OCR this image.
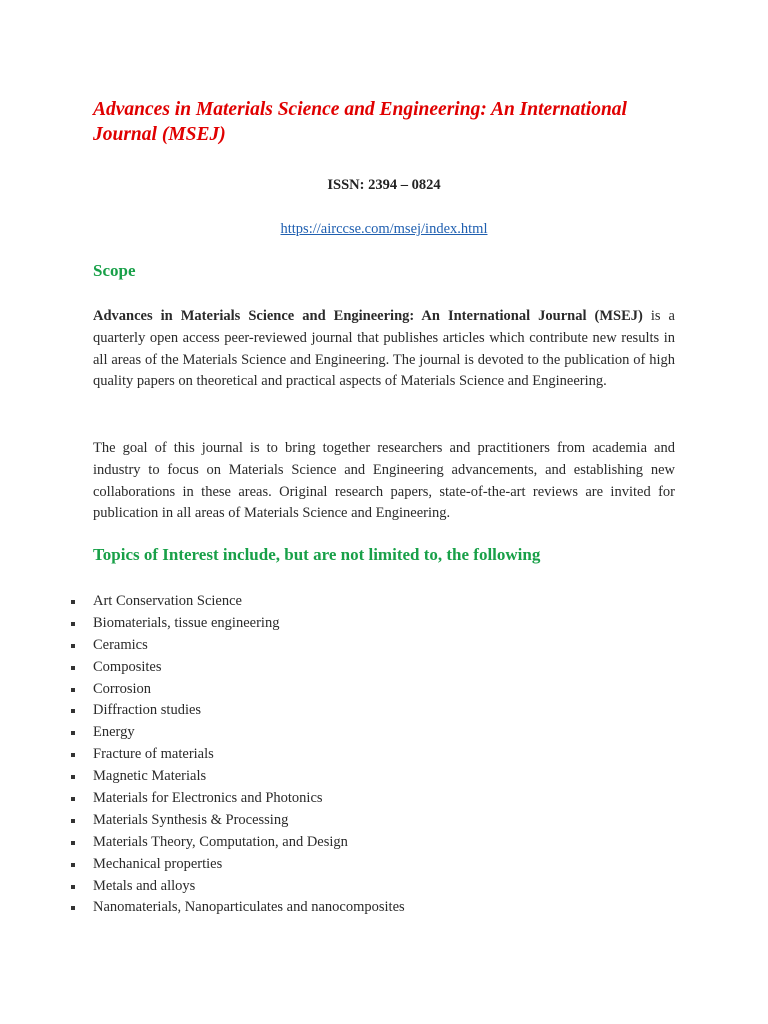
Advances in Materials Science and Engineering: An International Journal (MSEJ)
ISSN: 2394 – 0824
https://airccse.com/msej/index.html
Scope

Advances in Materials Science and Engineering: An International Journal (MSEJ) is a quarterly open access peer-reviewed journal that publishes articles which contribute new results in all areas of the Materials Science and Engineering. The journal is devoted to the publication of high quality papers on theoretical and practical aspects of Materials Science and Engineering.

The goal of this journal is to bring together researchers and practitioners from academia and industry to focus on Materials Science and Engineering advancements, and establishing new collaborations in these areas. Original research papers, state-of-the-art reviews are invited for publication in all areas of Materials Science and Engineering.

Topics of Interest include, but are not limited to, the following
Art Conservation Science
Biomaterials, tissue engineering
Ceramics
Composites
Corrosion
Diffraction studies
Energy
Fracture of materials
Magnetic Materials
Materials for Electronics and Photonics
Materials Synthesis & Processing
Materials Theory, Computation, and Design
Mechanical properties
Metals and alloys
Nanomaterials, Nanoparticulates and nanocomposites
